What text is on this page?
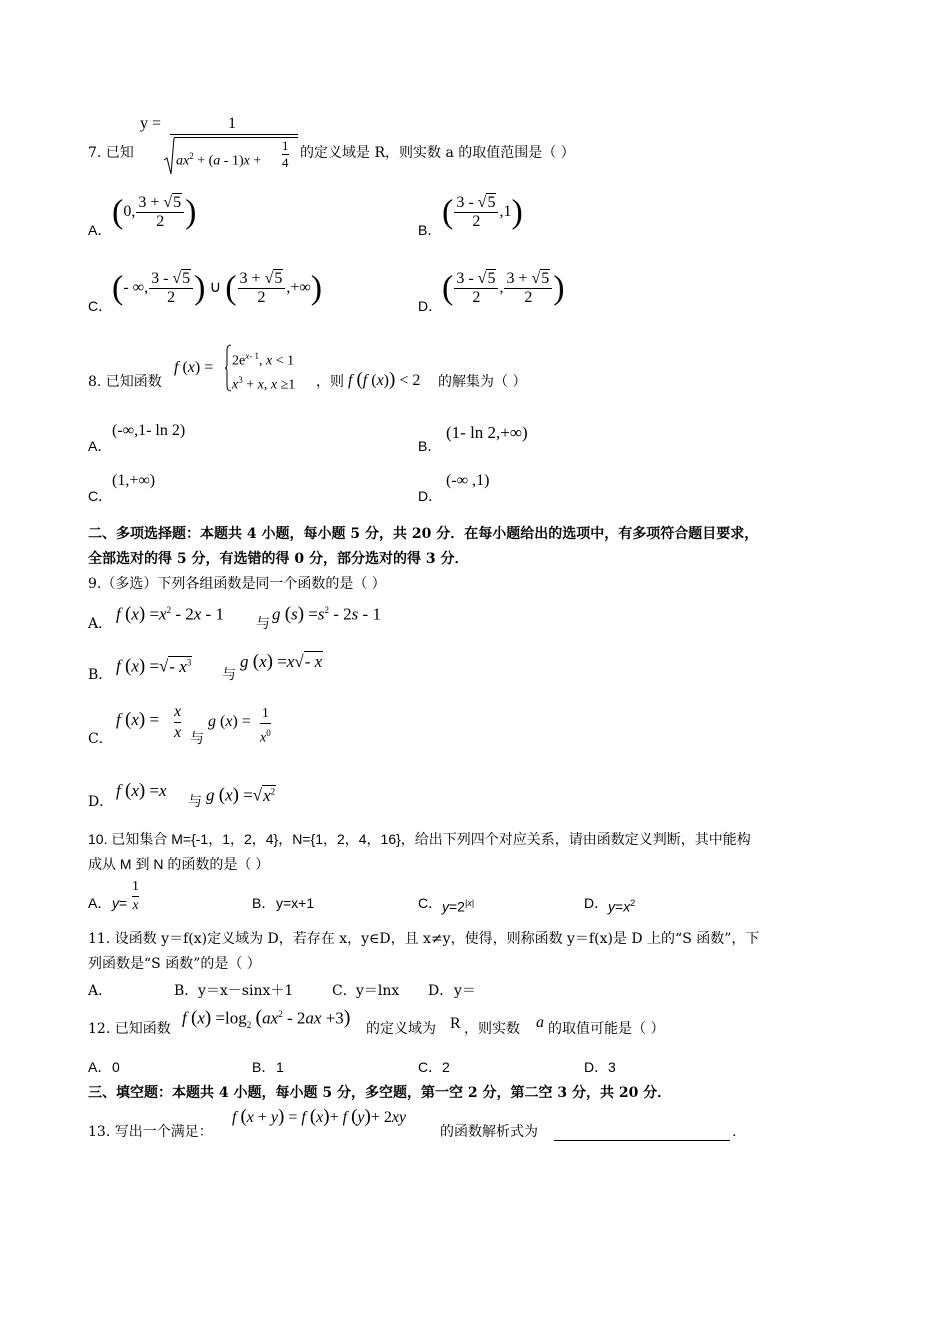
7. 已知
y =	1
$ax^2 + (a - 1)x$ +
1

4
的定义域是 R，则实数 a 的取值范围是（ ）
A． (0, $\frac{3 + √5}{2}$ )	B． ( $\frac{3 - √5}{2} ,1$)
C． (- ∞, $\frac{3 - √5}{2}$ ) ∪ ( $\frac{3 + √5}{2}$ ,+∞)	D． ( $\frac{3 - √5}{2}$ , $\frac{3 + √5}{2}$ )
8. 已知函数
f $(x) = 2e^{x- 1}$, x < 1
$x^3 + x$, x ≥1 ，则 f (f (x)) < 2 的解集为（ ）
A．
(-∞,1- ln 2)
B．
(1- ln 2,+∞)
C．
(1,+∞)
D．
(-∞ ,1)
二、多项选择题：本题共 4 小题，每小题 5 分，共 20 分．在每小题给出的选项中，有多项符合题目要求，
全部选对的得 5 分，有选错的得 0 分，部分选对的得 3 分．
9.（多选）下列各组函数是同一个函数的是（ ）
A．
f $(x) =x^2 - 2x - 1$
与
g $(s) =s^2 - 2s - 1$
B． f (x) =√- $x^3$
与
g (x) =x√- x
C．
f (x) = x

x 与
g (x) = 1

$x^0$
D．
f (x) =x
与 g $(x) =√x^2$
10. 已知集合 M={-1，1，2，4}，N={1，2，4，16}，给出下列四个对应关系，请由函数定义判断，其中能构
成从 M 到 N 的函数的是（ ）
A． y=
1

x	B． y=x+1	C． $y=2^{|x|}$	D． $y=x^2$
11. 设函数 y＝f(x)定义域为 D，若存在 x，y∈D，且 x≠y，使得，则称函数 y＝f(x)是 D 上的“S 函数”，下
列函数是“S 函数”的是（ ）
A．	B． y＝x－sinx＋1	C． y＝lnx D． y＝
12. 已知函数
f $(x) =\log_2$ $(ax^2 - 2ax +3)$
的定义域为 R ，则实数 a 的取值可能是（ ）
A． 0	B． 1	C． 2	D． 3
三、填空题：本题共 4 小题，每小题 5 分，多空题，第一空 2 分，第二空 3 分，共 20 分．
13. 写出一个满足：
f (x + y) = f (x)+ f (y)+ 2xy
的函数解析式为	.
